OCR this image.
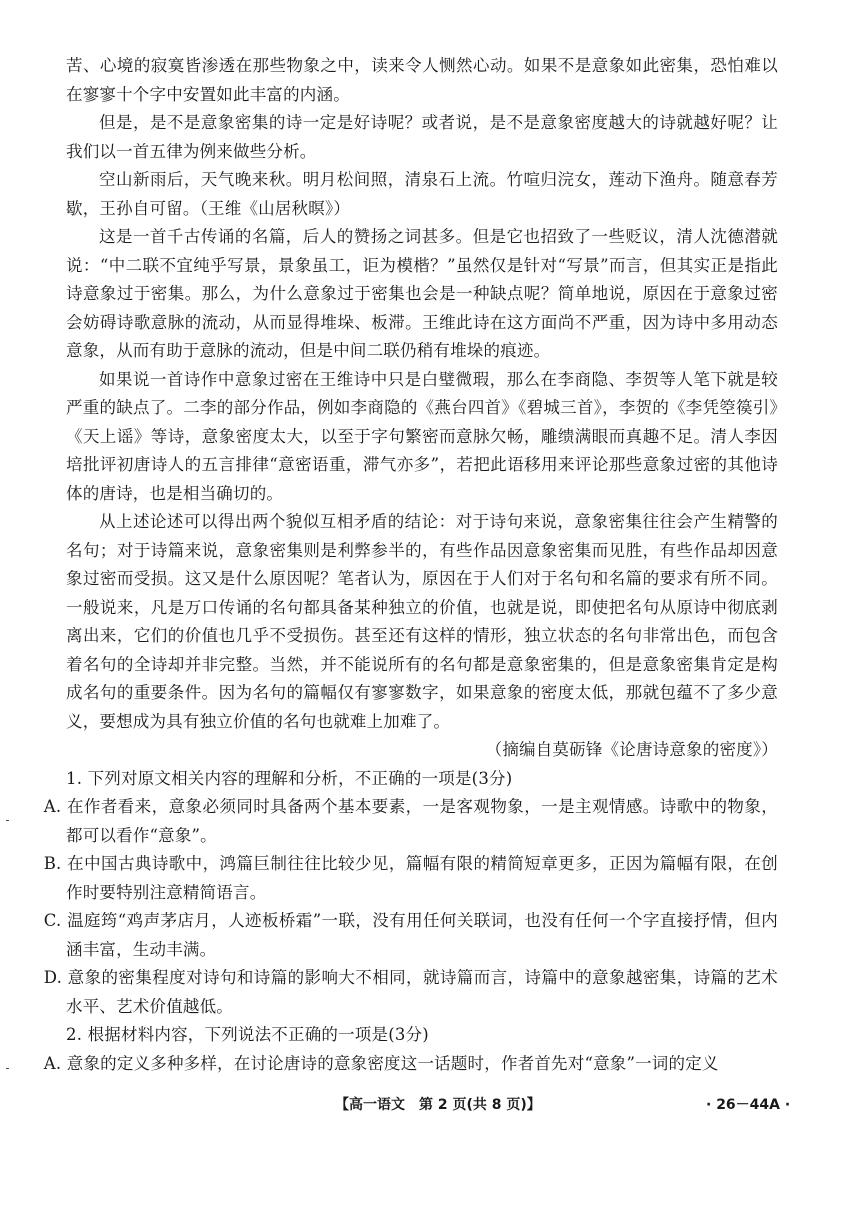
苦、心境的寂寞皆渗透在那些物象之中，读来令人恻然心动。如果不是意象如此密集，恐怕难以在寥寥十个字中安置如此丰富的内涵。

但是，是不是意象密集的诗一定是好诗呢？或者说，是不是意象密度越大的诗就越好呢？让我们以一首五律为例来做些分析。

空山新雨后，天气晚来秋。明月松间照，清泉石上流。竹喧归浣女，莲动下渔舟。随意春芳歇，王孙自可留。（王维《山居秋暝》）

这是一首千古传诵的名篇，后人的赞扬之词甚多。但是它也招致了一些贬议，清人沈德潜就说：“中二联不宜纯乎写景，景象虽工，讵为模楷？”虽然仅是针对“写景”而言，但其实正是指此诗意象过于密集。那么，为什么意象过于密集也会是一种缺点呢？简单地说，原因在于意象过密会妨碍诗歌意脉的流动，从而显得堆垛、板滞。王维此诗在这方面尚不严重，因为诗中多用动态意象，从而有助于意脉的流动，但是中间二联仍稍有堆垛的痕迹。

如果说一首诗作中意象过密在王维诗中只是白璧微瑕，那么在李商隐、李贺等人笔下就是较严重的缺点了。二李的部分作品，例如李商隐的《燕台四首》《碧城三首》，李贺的《李凭箜篌引》《天上谣》等诗，意象密度太大，以至于字句繁密而意脉欠畅，雕缋满眼而真趣不足。清人李因培批评初唐诗人的五言排律“意密语重，滞气亦多”，若把此语移用来评论那些意象过密的其他诗体的唐诗，也是相当确切的。

从上述论述可以得出两个貌似互相矛盾的结论：对于诗句来说，意象密集往往会产生精警的名句；对于诗篇来说，意象密集则是利弊参半的，有些作品因意象密集而见胜，有些作品却因意象过密而受损。这又是什么原因呢？笔者认为，原因在于人们对于名句和名篇的要求有所不同。一般说来，凡是万口传诵的名句都具备某种独立的价值，也就是说，即使把名句从原诗中彻底剥离出来，它们的价值也几乎不受损伤。甚至还有这样的情形，独立状态的名句非常出色，而包含着名句的全诗却并非完整。当然，并不能说所有的名句都是意象密集的，但是意象密集肯定是构成名句的重要条件。因为名句的篇幅仅有寥寥数字，如果意象的密度太低，那就包蕴不了多少意义，要想成为具有独立价值的名句也就难上加难了。

（摘编自莫砺锋《论唐诗意象的密度》）

1. 下列对原文相关内容的理解和分析，不正确的一项是(3分)

A. 在作者看来，意象必须同时具备两个基本要素，一是客观物象，一是主观情感。诗歌中的物象，都可以看作“意象”。

B. 在中国古典诗歌中，鸿篇巨制往往比较少见，篇幅有限的精简短章更多，正因为篇幅有限，在创作时要特别注意精简语言。

C. 温庭筠“鸡声茅店月，人迹板桥霜”一联，没有用任何关联词，也没有任何一个字直接抒情，但内涵丰富，生动丰满。

D. 意象的密集程度对诗句和诗篇的影响大不相同，就诗篇而言，诗篇中的意象越密集，诗篇的艺术水平、艺术价值越低。

2. 根据材料内容，下列说法不正确的一项是(3分)

A. 意象的定义多种多样，在讨论唐诗的意象密度这一话题时，作者首先对“意象”一词的定义

【高一语文　第 2 页(共 8 页)】	· 26－44A ·
